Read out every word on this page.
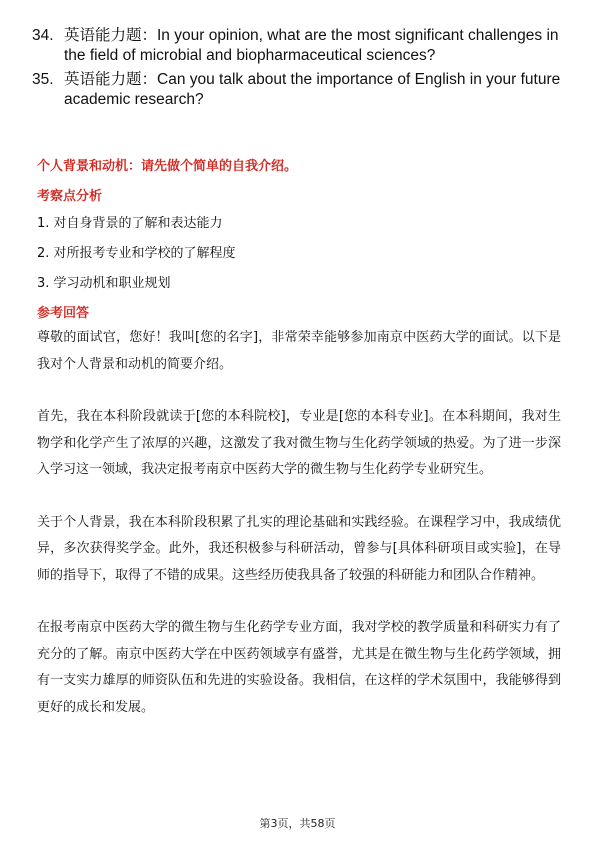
34. 英语能力题：In your opinion, what are the most significant challenges in the field of microbial and biopharmaceutical sciences?
35. 英语能力题：Can you talk about the importance of English in your future academic research?

个人背景和动机：请先做个简单的自我介绍。

考察点分析

1. 对自身背景的了解和表达能力

2. 对所报考专业和学校的了解程度

3. 学习动机和职业规划

参考回答

尊敬的面试官，您好！我叫[您的名字]，非常荣幸能够参加南京中医药大学的面试。以下是我对个人背景和动机的简要介绍。

首先，我在本科阶段就读于[您的本科院校]，专业是[您的本科专业]。在本科期间，我对生物学和化学产生了浓厚的兴趣，这激发了我对微生物与生化药学领域的热爱。为了进一步深入学习这一领域，我决定报考南京中医药大学的微生物与生化药学专业研究生。

关于个人背景，我在本科阶段积累了扎实的理论基础和实践经验。在课程学习中，我成绩优异，多次获得奖学金。此外，我还积极参与科研活动，曾参与[具体科研项目或实验]，在导师的指导下，取得了不错的成果。这些经历使我具备了较强的科研能力和团队合作精神。

在报考南京中医药大学的微生物与生化药学专业方面，我对学校的教学质量和科研实力有了充分的了解。南京中医药大学在中医药领域享有盛誉，尤其是在微生物与生化药学领域，拥有一支实力雄厚的师资队伍和先进的实验设备。我相信，在这样的学术氛围中，我能够得到更好的成长和发展。

第3页，共58页
